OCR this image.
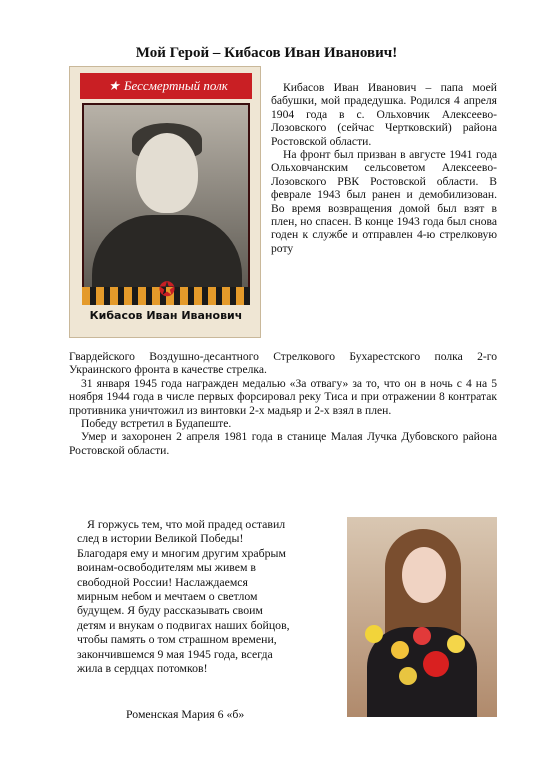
Мой Герой – Кибасов Иван Иванович!
★ Бессмертный полк
✪
Кибасов Иван Иванович
Кибасов Иван Иванович – папа моей бабушки, мой прадедушка. Родился 4 апреля 1904 года в с. Ольховчик Алексеево-Лозовского (сейчас Чертковский) района Ростовской области.
На фронт был призван в августе 1941 года Ольховчанским сельсоветом Алексеево-Лозовского РВК Ростовской области. В феврале 1943 был ранен и демобилизован. Во время возвращения домой был взят в плен, но спасен. В конце 1943 года был снова годен к службе и отправлен 4-ю стрелковую роту
Гвардейского Воздушно-десантного Стрелкового Бухарестского полка 2-го Украинского фронта в качестве стрелка.
31 января 1945 года награжден медалью «За отвагу» за то, что он в ночь с 4 на 5 ноября 1944 года в числе первых форсировал реку Тиса и при отражении 8 контратак противника уничтожил из винтовки 2-х мадьяр и 2-х взял в плен.
Победу встретил в Будапеште.
Умер и захоронен 2 апреля 1981 года в станице Малая Лучка Дубовского района Ростовской области.
Я горжусь тем, что мой прадед оставил
след в истории Великой Победы!
Благодаря ему и многим другим храбрым
воинам-освободителям мы живем в
свободной России! Наслаждаемся
мирным небом и мечтаем о светлом
будущем. Я буду рассказывать своим
детям и внукам о подвигах наших бойцов,
чтобы память о том страшном времени,
закончившемся 9 мая 1945 года, всегда
жила в сердцах потомков!
Роменская Мария 6 «б»
